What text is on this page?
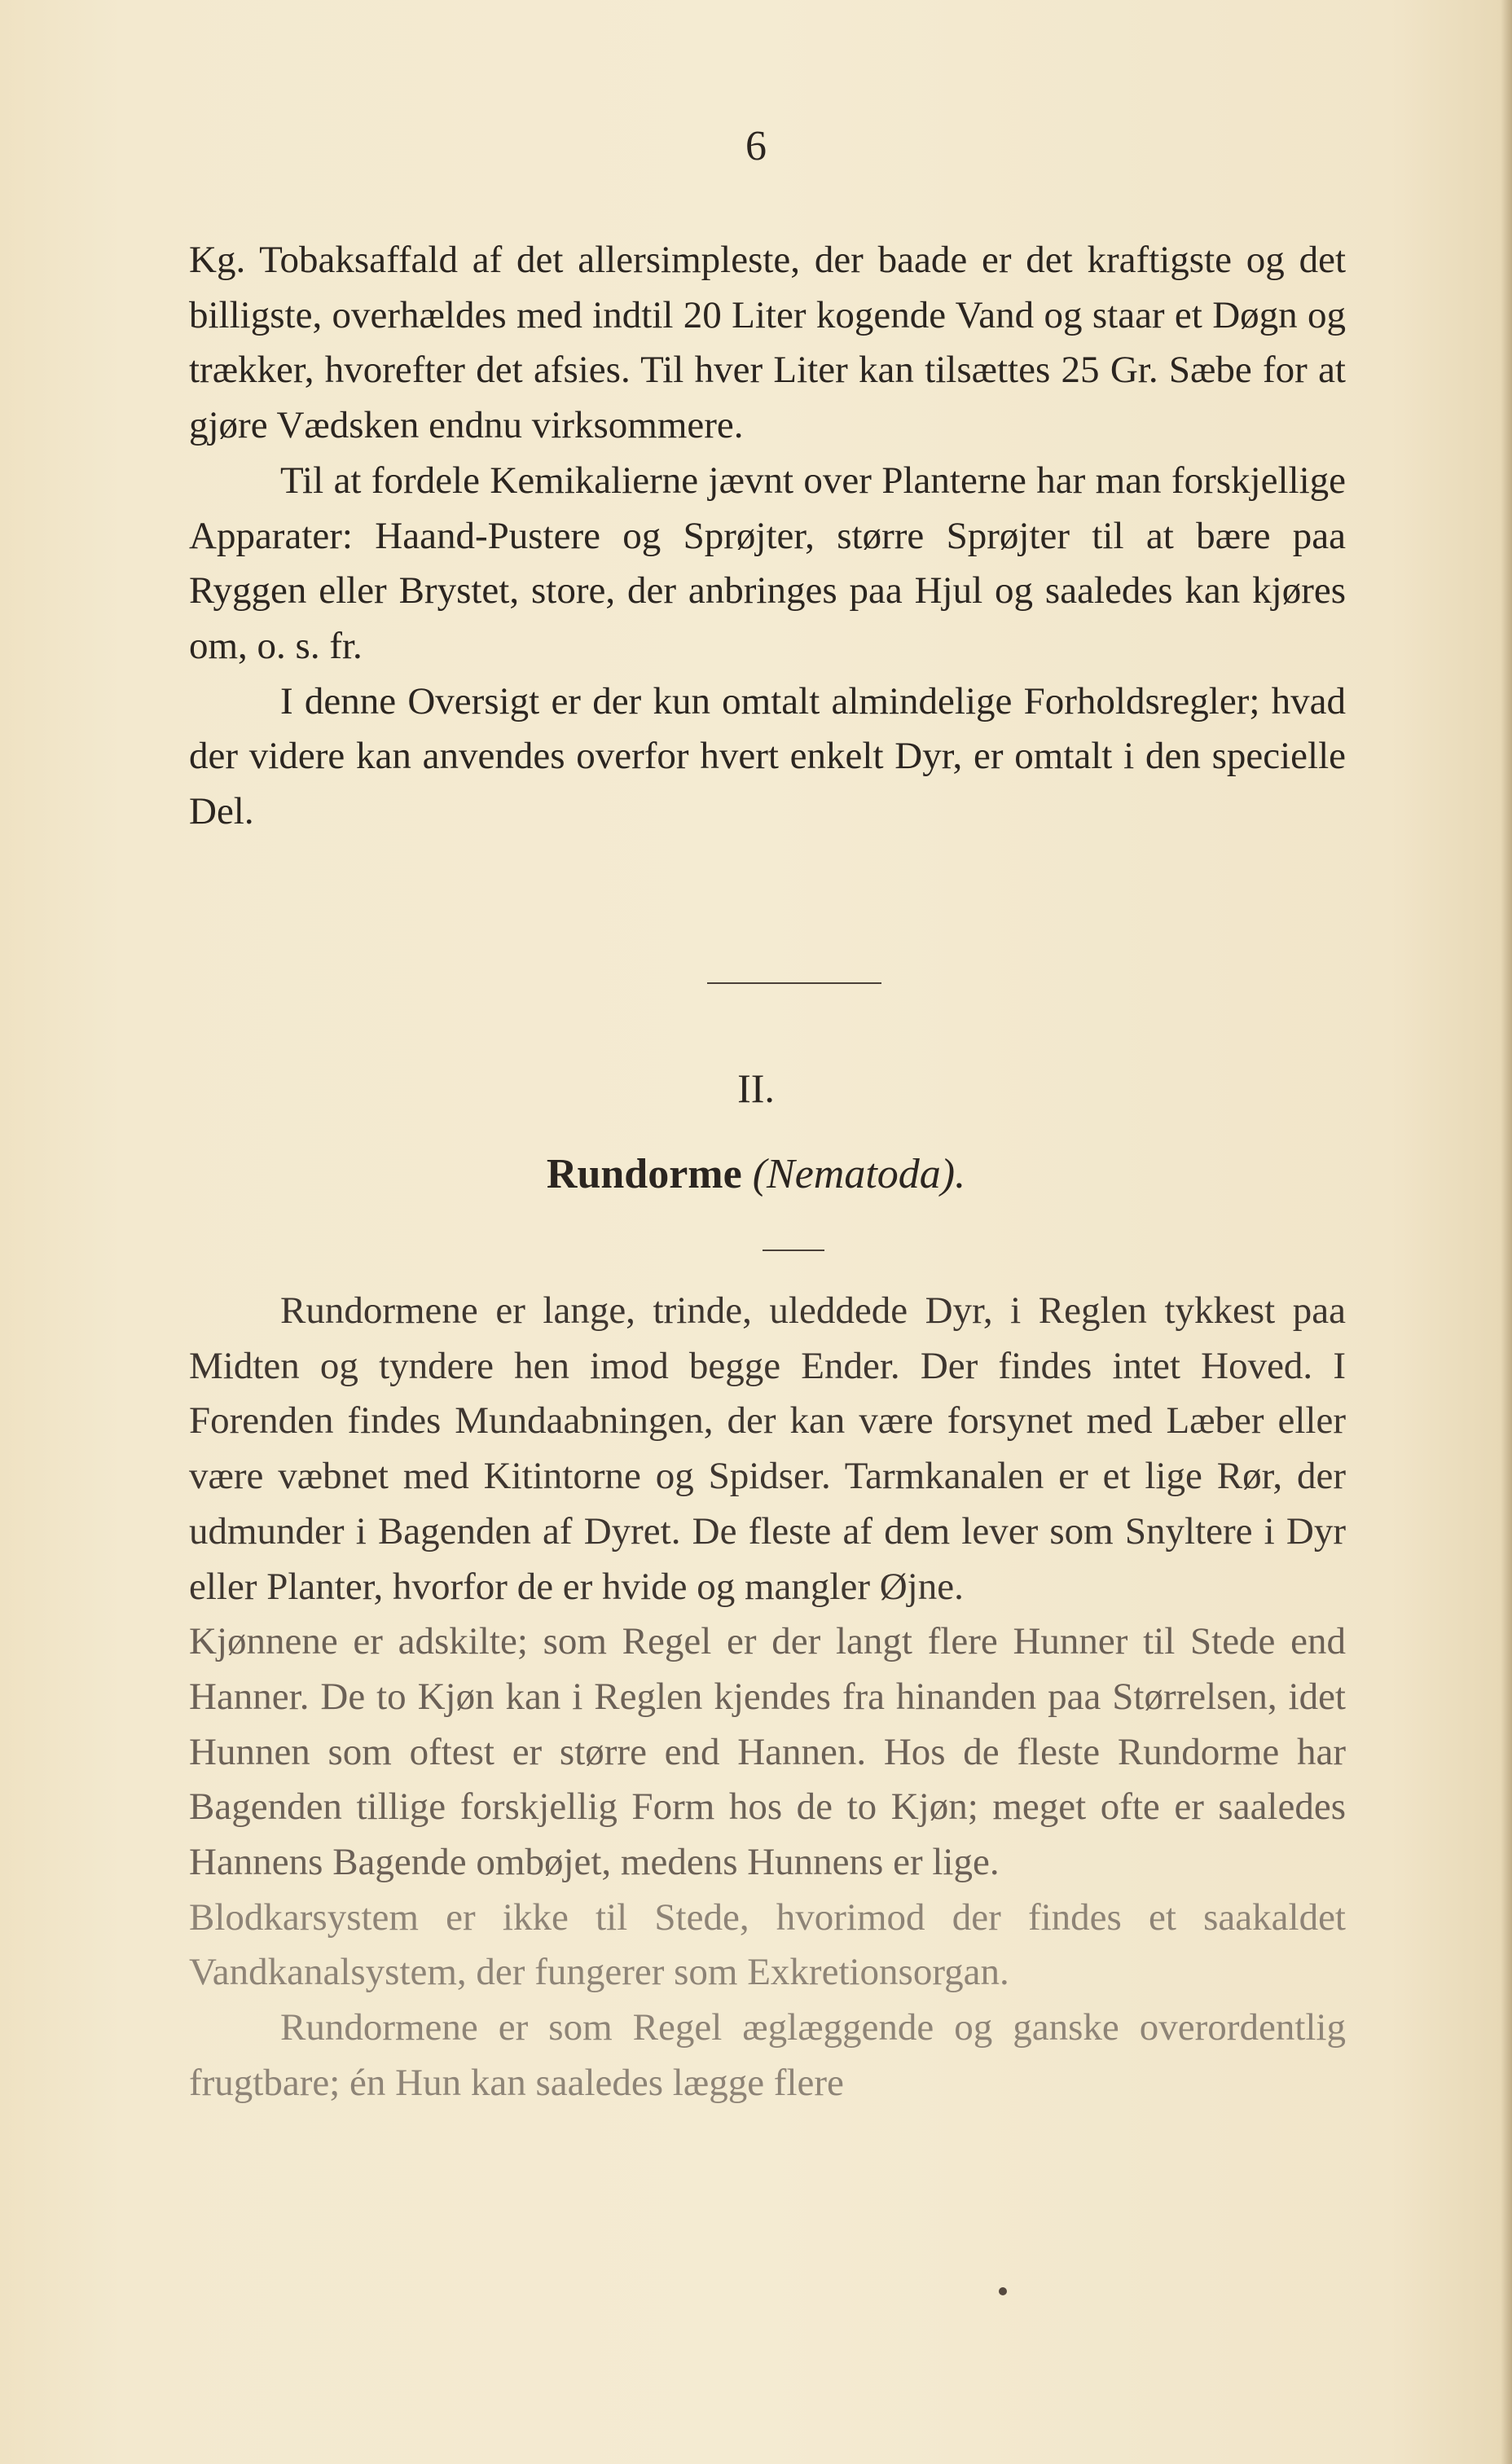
6

Kg. Tobaksaffald af det allersimpleste, der baade er det kraftigste og det billigste, overhældes med indtil 20 Liter kogende Vand og staar et Døgn og trækker, hvorefter det afsies. Til hver Liter kan tilsættes 25 Gr. Sæbe for at gjøre Vædsken endnu virksommere.

Til at fordele Kemikalierne jævnt over Planterne har man forskjellige Apparater: Haand-Pustere og Sprøjter, større Sprøjter til at bære paa Ryggen eller Brystet, store, der anbringes paa Hjul og saaledes kan kjøres om, o. s. fr.

I denne Oversigt er der kun omtalt almindelige Forholdsregler; hvad der videre kan anvendes overfor hvert enkelt Dyr, er omtalt i den specielle Del.

II.
Rundorme (Nematoda).

Rundormene er lange, trinde, uleddede Dyr, i Reglen tykkest paa Midten og tyndere hen imod begge Ender. Der findes intet Hoved. I Forenden findes Mundaabningen, der kan være forsynet med Læber eller være væbnet med Kitintorne og Spidser. Tarmkanalen er et lige Rør, der udmunder i Bagenden af Dyret. De fleste af dem lever som Snyltere i Dyr eller Planter, hvorfor de er hvide og mangler Øjne.

Kjønnene er adskilte; som Regel er der langt flere Hunner til Stede end Hanner. De to Kjøn kan i Reglen kjendes fra hinanden paa Størrelsen, idet Hunnen som oftest er større end Hannen. Hos de fleste Rundorme har Bagenden tillige forskjellig Form hos de to Kjøn; meget ofte er saaledes Hannens Bagende ombøjet, medens Hunnens er lige.

Blodkarsystem er ikke til Stede, hvorimod der findes et saakaldet Vandkanalsystem, der fungerer som Exkretionsorgan.

Rundormene er som Regel æglæggende og ganske overordentlig frugtbare; én Hun kan saaledes lægge flere
